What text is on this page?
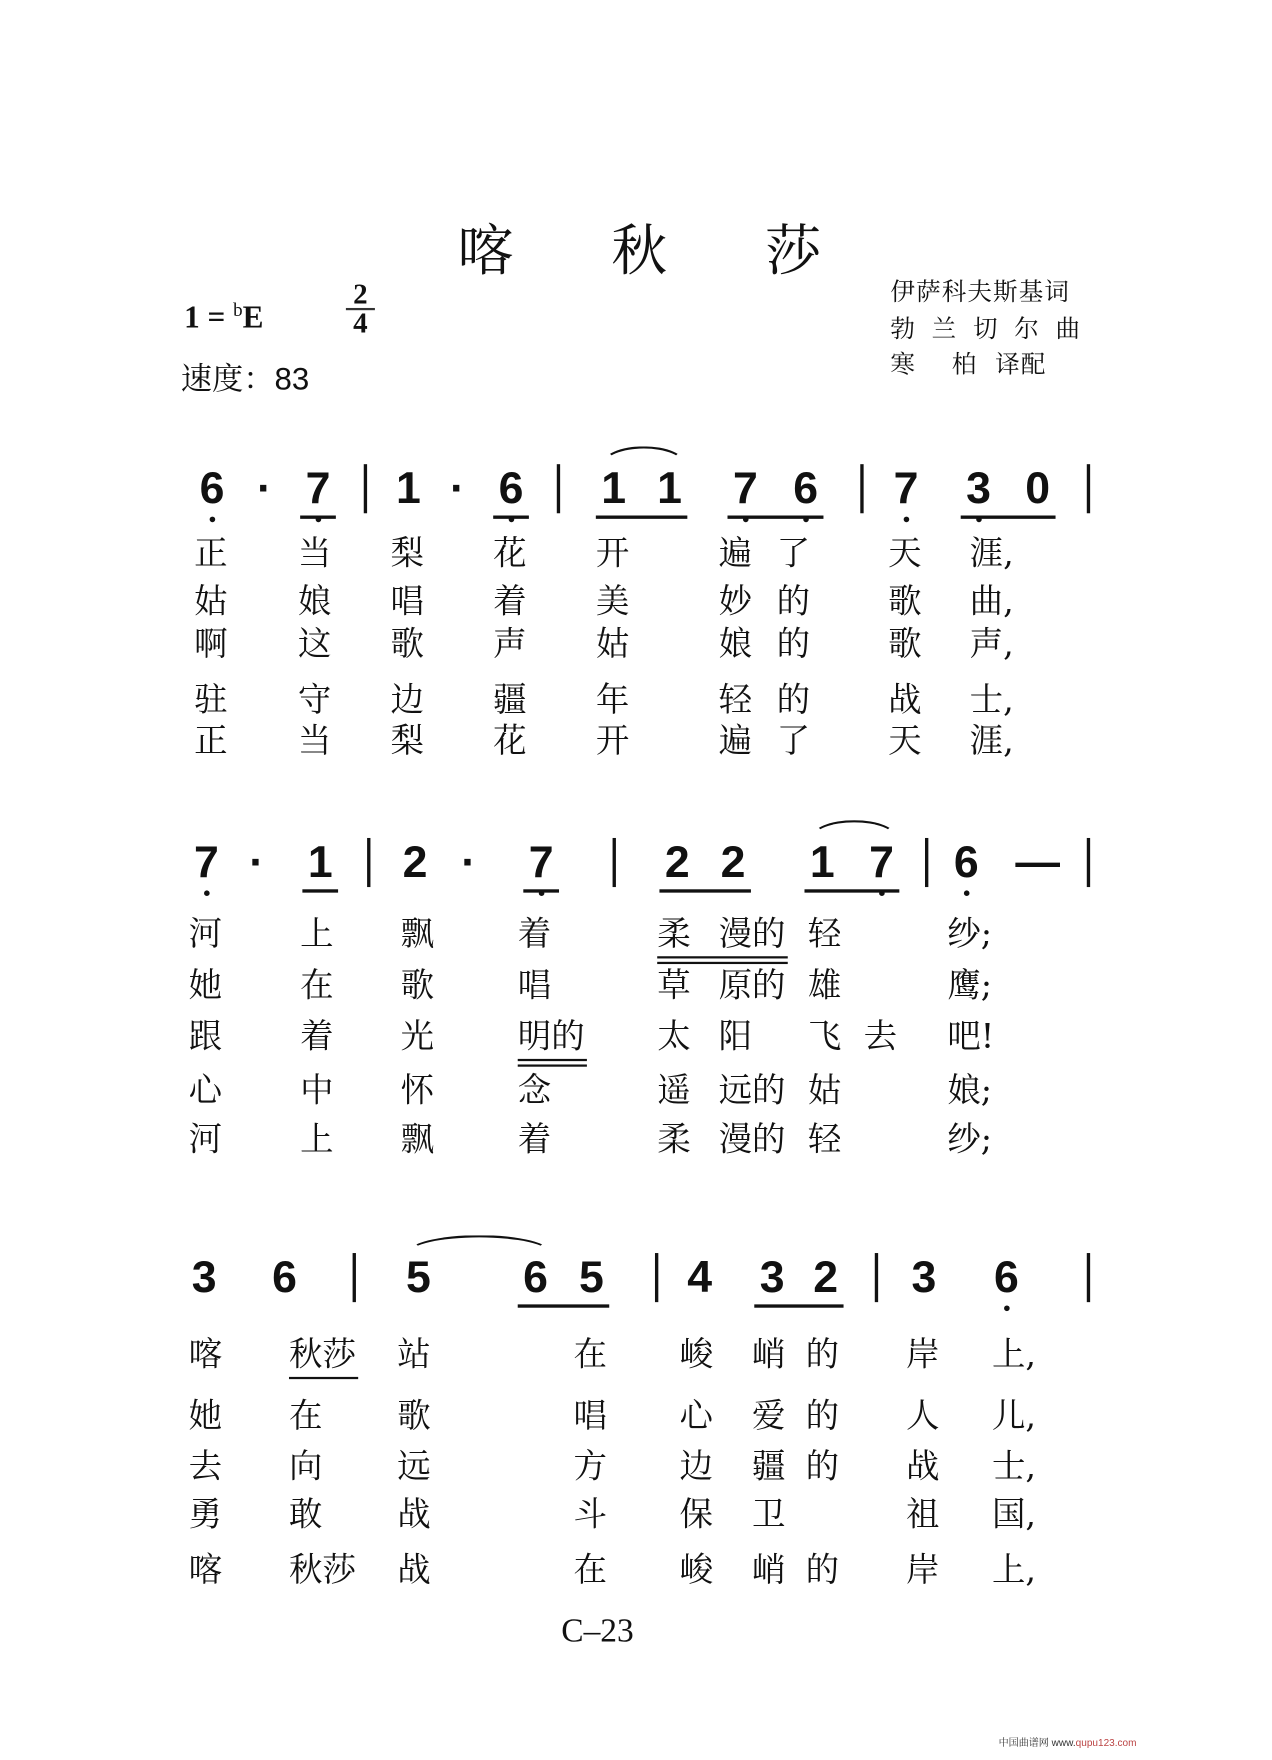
喀 秋 莎
1 = $^b$E
2
4
速度：83
伊萨科夫斯基词
勃 兰 切 尔 曲
寒    柏  译配
6 · 7 1 · 6 1 1 7 6 7 3 0
正 当 梨 花 开	遍 了	天 涯,
姑 娘 唱 着 美	妙 的	歌 曲,
啊 这 歌 声 姑	娘 的	歌 声,
驻 守 边 疆 年	轻 的	战 士,
正 当 梨 花 开	遍 了	天 涯,
7 · 1 2 · 7	2 2 1 7 6 —
河	上 飘	着	柔 漫的 轻	纱;
她	在 歌	唱	草 原的 雄	鹰;
跟	着 光	明的 太 阳 飞 去 吧!
心	中 怀	念	遥 远的 姑	娘;
河	上 飘	着	柔 漫的 轻	纱;
3 6	5 6 5 4 3 2 3 6
喀 秋莎 站	在 峻 峭 的 岸 上,
她 在 歌	唱 心 爱 的 人 儿,
去 向 远	方 边 疆 的 战 士,
勇 敢 战	斗 保 卫	祖 国,
喀 秋莎 战	在 峻 峭 的 岸 上,
C–23
中国曲谱网 www.qupu123.com
